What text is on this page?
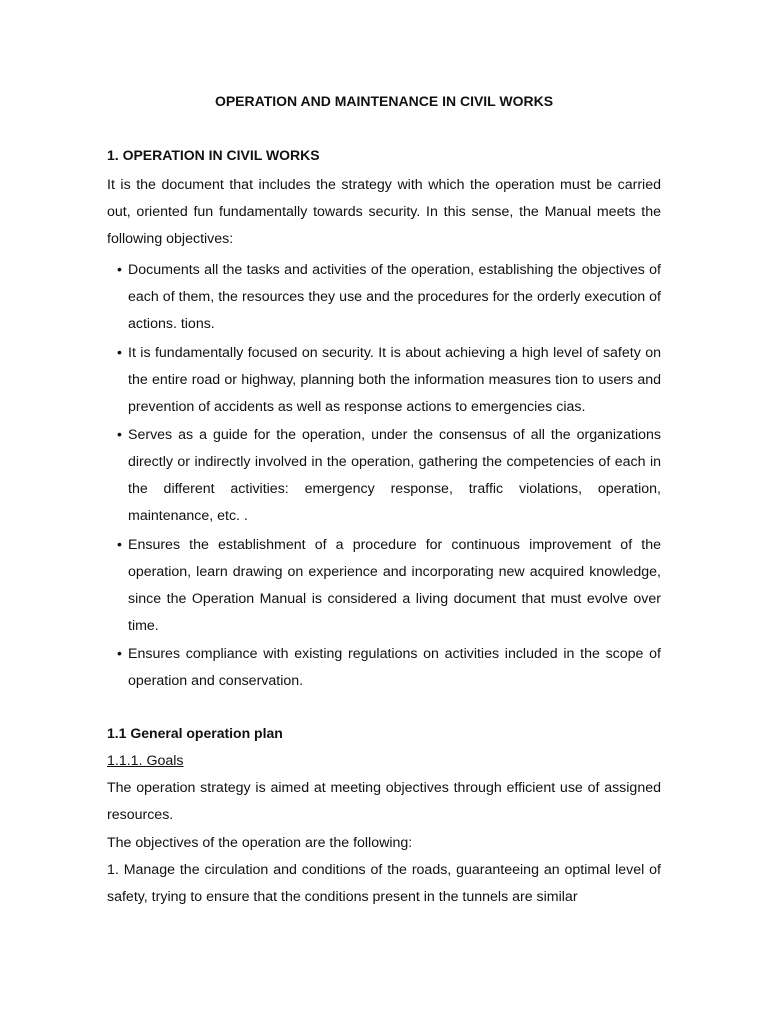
OPERATION AND MAINTENANCE IN CIVIL WORKS
1. OPERATION IN CIVIL WORKS

It is the document that includes the strategy with which the operation must be carried out, oriented fun fundamentally towards security. In this sense, the Manual meets the following objectives:

• Documents all the tasks and activities of the operation, establishing the objectives of each of them, the resources they use and the procedures for the orderly execution of actions. tions.
• It is fundamentally focused on security. It is about achieving a high level of safety on the entire road or highway, planning both the information measures tion to users and prevention of accidents as well as response actions to emergencies cias.
• Serves as a guide for the operation, under the consensus of all the organizations directly or indirectly involved in the operation, gathering the competencies of each in the different activities: emergency response, traffic violations, operation, maintenance, etc. .
• Ensures the establishment of a procedure for continuous improvement of the operation, learn drawing on experience and incorporating new acquired knowledge, since the Operation Manual is considered a living document that must evolve over time.
• Ensures compliance with existing regulations on activities included in the scope of operation and conservation.
1.1 General operation plan
1.1.1. Goals

The operation strategy is aimed at meeting objectives through efficient use of assigned resources.

The objectives of the operation are the following:

1. Manage the circulation and conditions of the roads, guaranteeing an optimal level of safety, trying to ensure that the conditions present in the tunnels are similar
